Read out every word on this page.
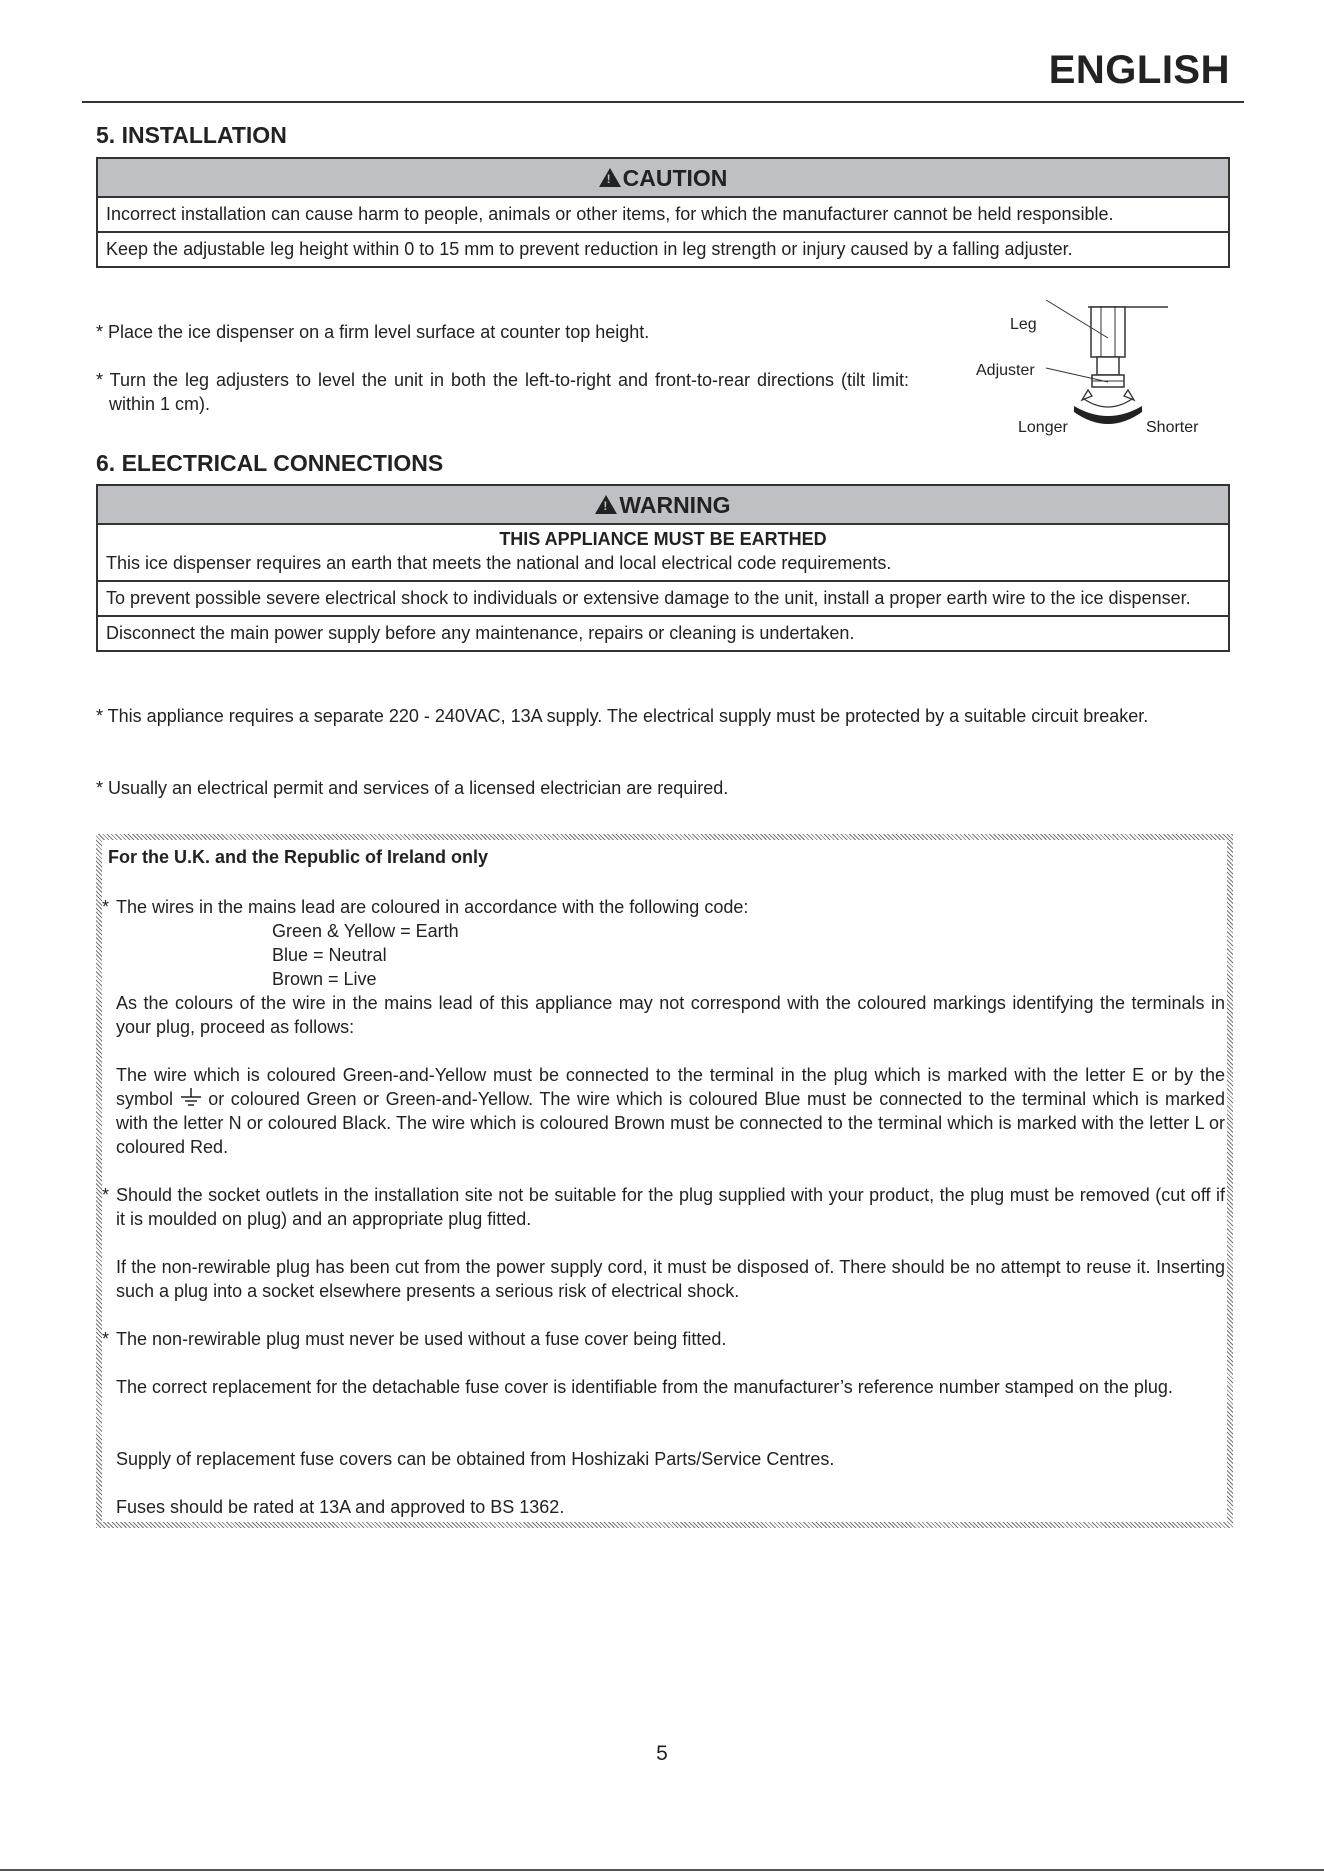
ENGLISH
5. INSTALLATION
!CAUTION
Incorrect installation can cause harm to people, animals or other items, for which the manufacturer cannot be held responsible.
Keep the adjustable leg height within 0 to 15 mm to prevent reduction in leg strength or injury caused by a falling adjuster.
* Place the ice dispenser on a firm level surface at counter top height.
* Turn the leg adjusters to level the unit in both the left-to-right and front-to-rear directions (tilt limit: within 1 cm).
Leg
Adjuster
Longer	Shorter
6. ELECTRICAL CONNECTIONS
!WARNING
THIS APPLIANCE MUST BE EARTHED
This ice dispenser requires an earth that meets the national and local electrical code requirements.
To prevent possible severe electrical shock to individuals or extensive damage to the unit, install a proper earth wire to the ice dispenser.
Disconnect the main power supply before any maintenance, repairs or cleaning is undertaken.
* This appliance requires a separate 220 - 240VAC, 13A supply. The electrical supply must be protected by a suitable circuit breaker.
* Usually an electrical permit and services of a licensed electrician are required.
For the U.K. and the Republic of Ireland only
* The wires in the mains lead are coloured in accordance with the following code:
Green & Yellow = Earth
Blue = Neutral
Brown = Live
As the colours of the wire in the mains lead of this appliance may not correspond with the coloured markings identifying the terminals in your plug, proceed as follows:
The wire which is coloured Green-and-Yellow must be connected to the terminal in the plug which is marked with the letter E or by the symbol or coloured Green or Green-and-Yellow. The wire which is coloured Blue must be connected to the terminal which is marked with the letter N or coloured Black. The wire which is coloured Brown must be connected to the terminal which is marked with the letter L or coloured Red.
* Should the socket outlets in the installation site not be suitable for the plug supplied with your product, the plug must be removed (cut off if it is moulded on plug) and an appropriate plug fitted.
If the non-rewirable plug has been cut from the power supply cord, it must be disposed of. There should be no attempt to reuse it. Inserting such a plug into a socket elsewhere presents a serious risk of electrical shock.
* The non-rewirable plug must never be used without a fuse cover being fitted.
The correct replacement for the detachable fuse cover is identifiable from the manufacturer’s reference number stamped on the plug.
Supply of replacement fuse covers can be obtained from Hoshizaki Parts/Service Centres.
Fuses should be rated at 13A and approved to BS 1362.
5
